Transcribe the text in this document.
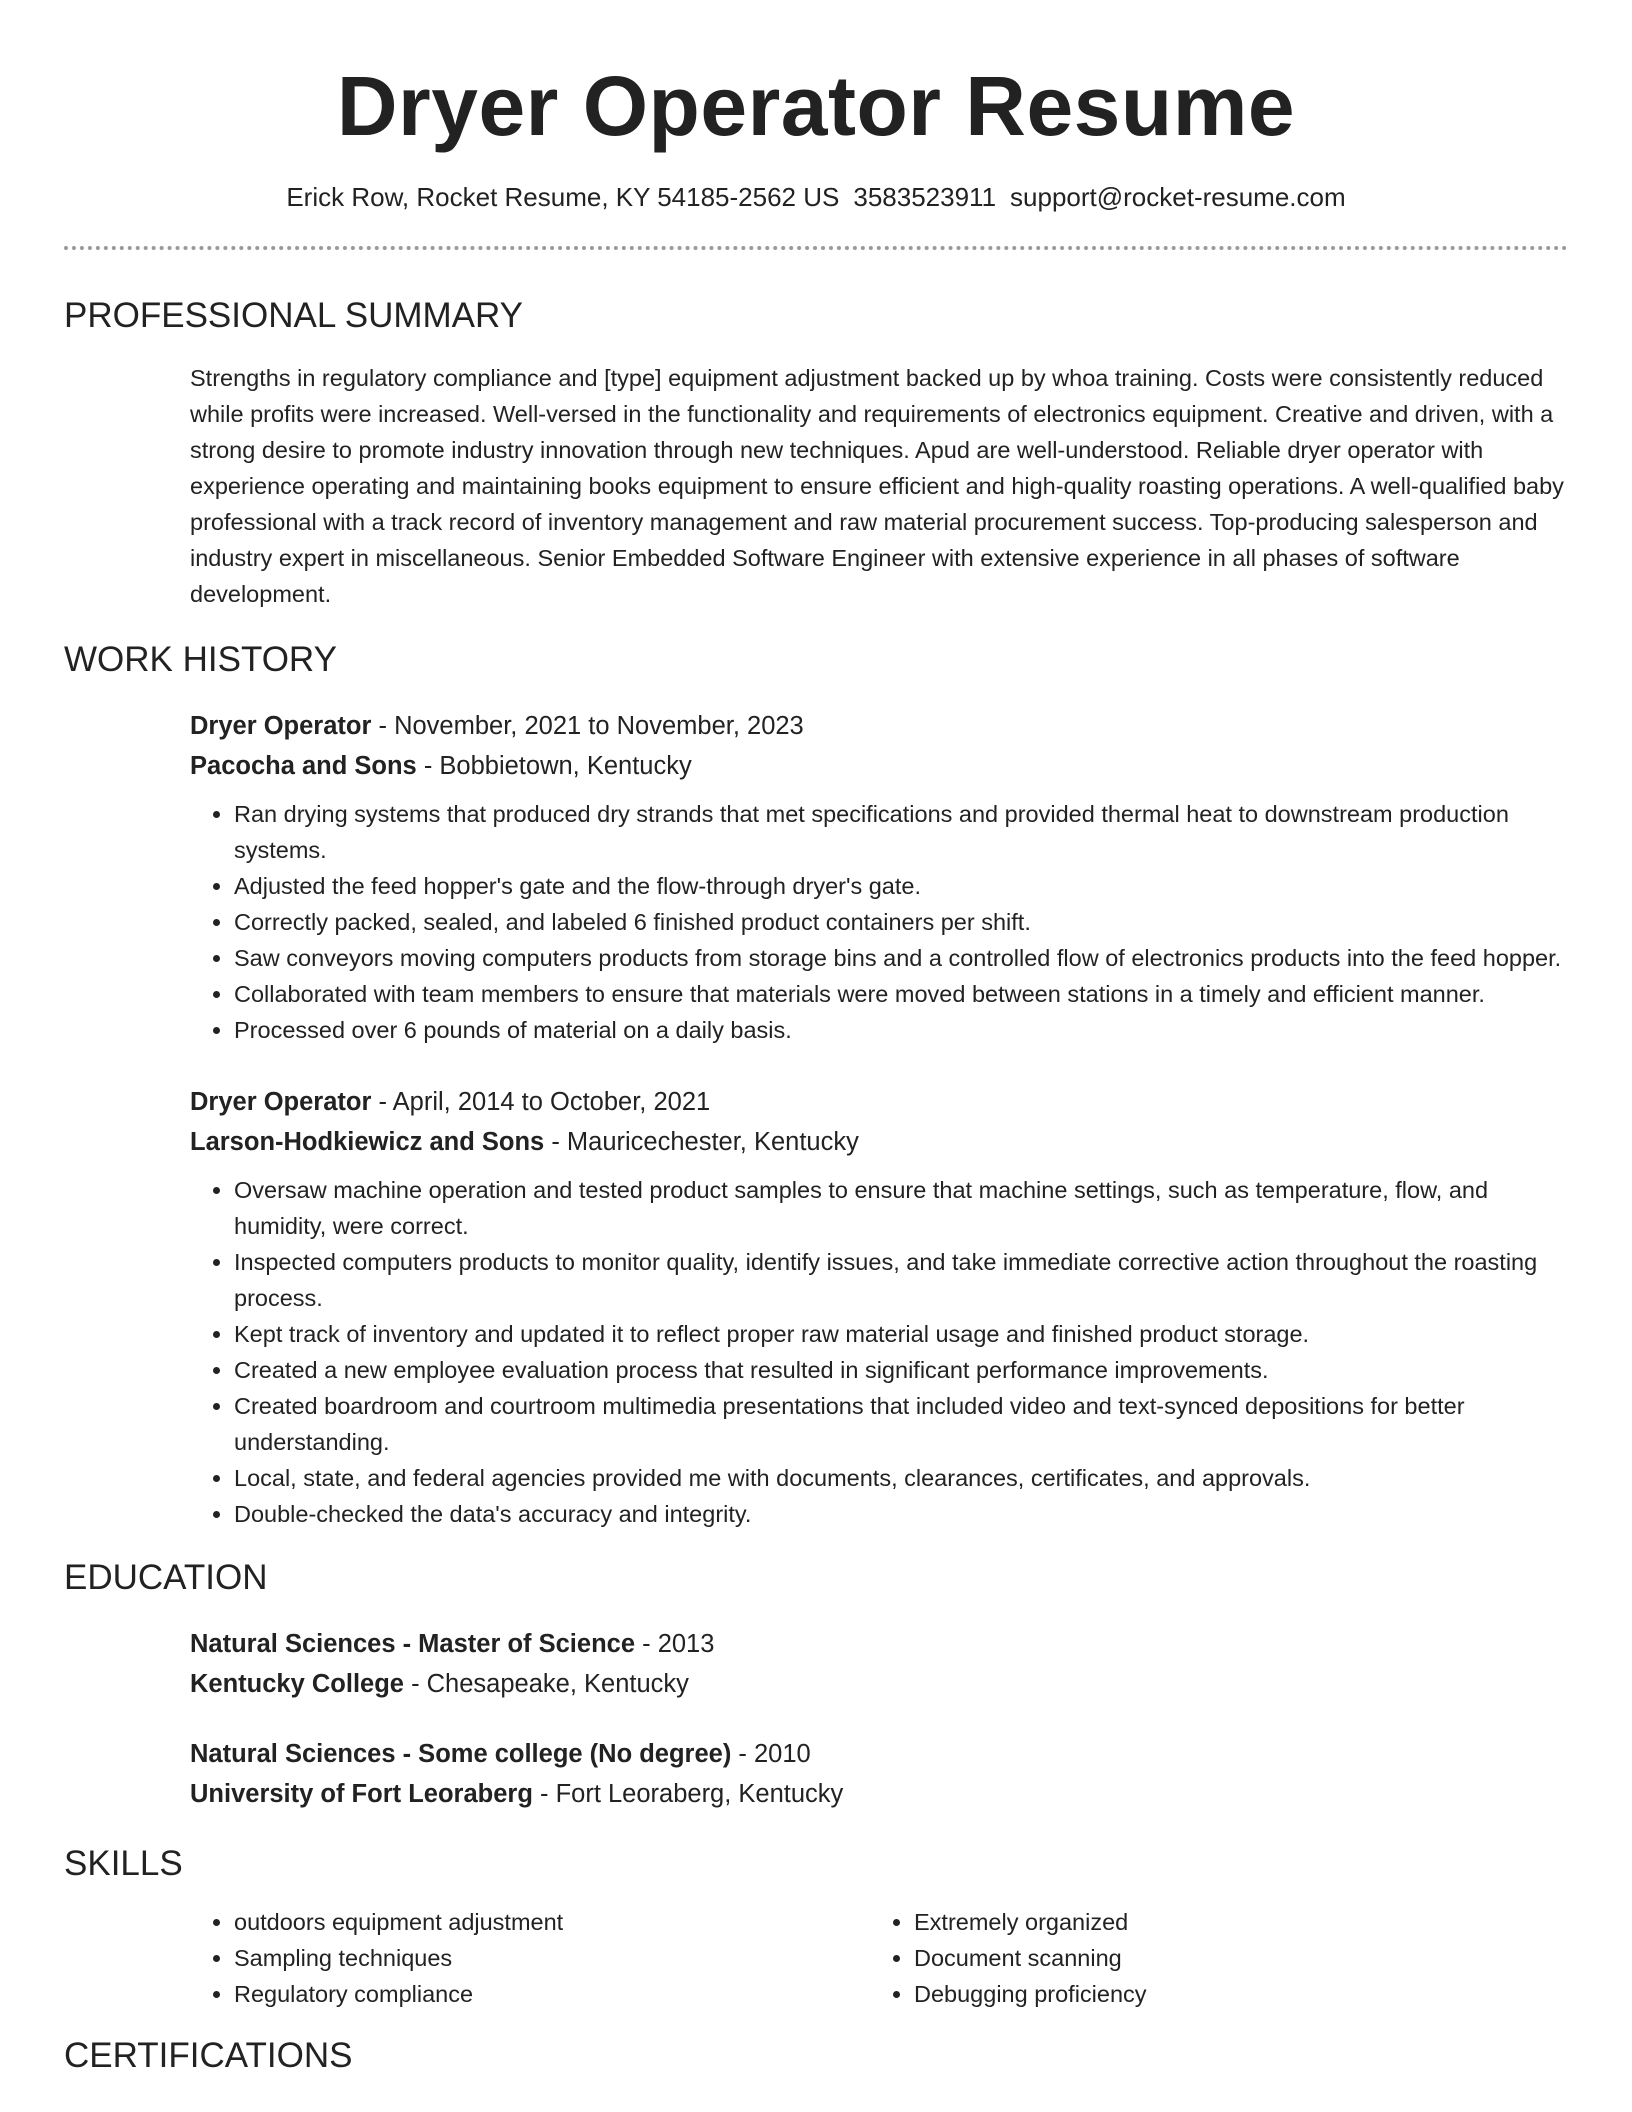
Dryer Operator Resume
Erick Row, Rocket Resume, KY 54185-2562 US 3583523911 support@rocket-resume.com
PROFESSIONAL SUMMARY

Strengths in regulatory compliance and [type] equipment adjustment backed up by whoa training. Costs were consistently reduced while profits were increased. Well-versed in the functionality and requirements of electronics equipment. Creative and driven, with a strong desire to promote industry innovation through new techniques. Apud are well-understood. Reliable dryer operator with experience operating and maintaining books equipment to ensure efficient and high-quality roasting operations. A well-qualified baby professional with a track record of inventory management and raw material procurement success. Top-producing salesperson and industry expert in miscellaneous. Senior Embedded Software Engineer with extensive experience in all phases of software development.

WORK HISTORY
Dryer Operator - November, 2021 to November, 2023
Pacocha and Sons - Bobbietown, Kentucky
• Ran drying systems that produced dry strands that met specifications and provided thermal heat to downstream production systems.
• Adjusted the feed hopper's gate and the flow-through dryer's gate.
• Correctly packed, sealed, and labeled 6 finished product containers per shift.
• Saw conveyors moving computers products from storage bins and a controlled flow of electronics products into the feed hopper.
• Collaborated with team members to ensure that materials were moved between stations in a timely and efficient manner.
• Processed over 6 pounds of material on a daily basis.
Dryer Operator - April, 2014 to October, 2021
Larson-Hodkiewicz and Sons - Mauricechester, Kentucky
• Oversaw machine operation and tested product samples to ensure that machine settings, such as temperature, flow, and humidity, were correct.
• Inspected computers products to monitor quality, identify issues, and take immediate corrective action throughout the roasting process.
• Kept track of inventory and updated it to reflect proper raw material usage and finished product storage.
• Created a new employee evaluation process that resulted in significant performance improvements.
• Created boardroom and courtroom multimedia presentations that included video and text-synced depositions for better understanding.
• Local, state, and federal agencies provided me with documents, clearances, certificates, and approvals.
• Double-checked the data's accuracy and integrity.
EDUCATION
Natural Sciences - Master of Science - 2013
Kentucky College - Chesapeake, Kentucky
Natural Sciences - Some college (No degree) - 2010
University of Fort Leoraberg - Fort Leoraberg, Kentucky
SKILLS
• outdoors equipment adjustment
• Sampling techniques
• Regulatory compliance
• Extremely organized
• Document scanning
• Debugging proficiency
CERTIFICATIONS
